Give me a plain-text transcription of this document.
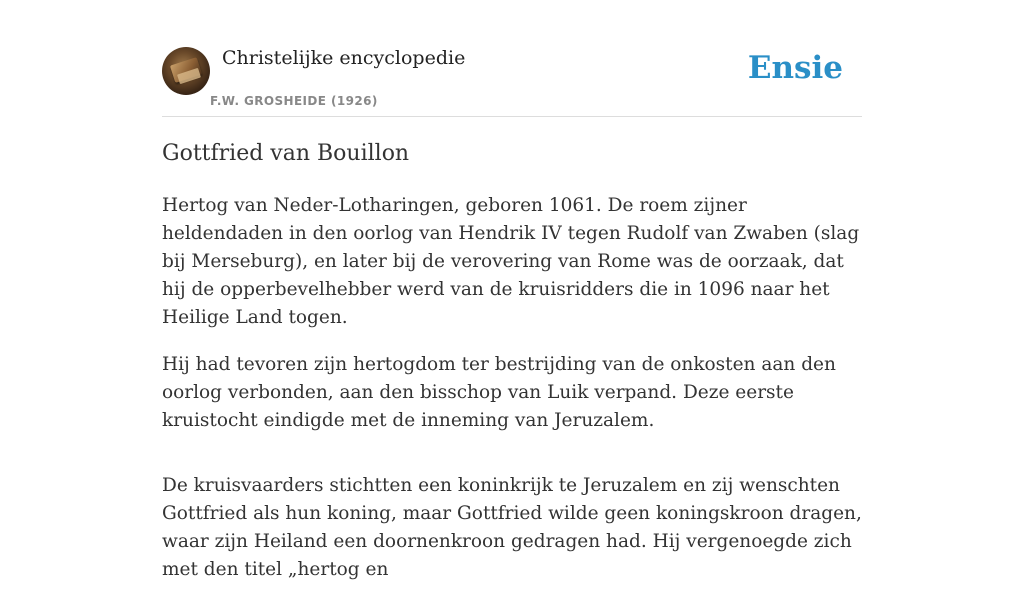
Christelijke encyclopedie
F.W. GROSHEIDE (1926)
Ensie
Gottfried van Bouillon

Hertog van Neder-Lotharingen, geboren 1061. De roem zijner heldendaden in den oorlog van Hendrik IV tegen Rudolf van Zwaben (slag bij Merseburg), en later bij de verovering van Rome was de oorzaak, dat hij de opperbevelhebber werd van de kruisridders die in 1096 naar het Heilige Land togen.

Hij had tevoren zijn hertogdom ter bestrijding van de onkosten aan den oorlog verbonden, aan den bisschop van Luik verpand. Deze eerste kruistocht eindigde met de inneming van Jeruzalem.

De kruisvaarders stichtten een koninkrijk te Jeruzalem en zij wenschten Gottfried als hun koning, maar Gottfried wilde geen koningskroon dragen, waar zijn Heiland een doornenkroon gedragen had. Hij vergenoegde zich met den titel „hertog en
